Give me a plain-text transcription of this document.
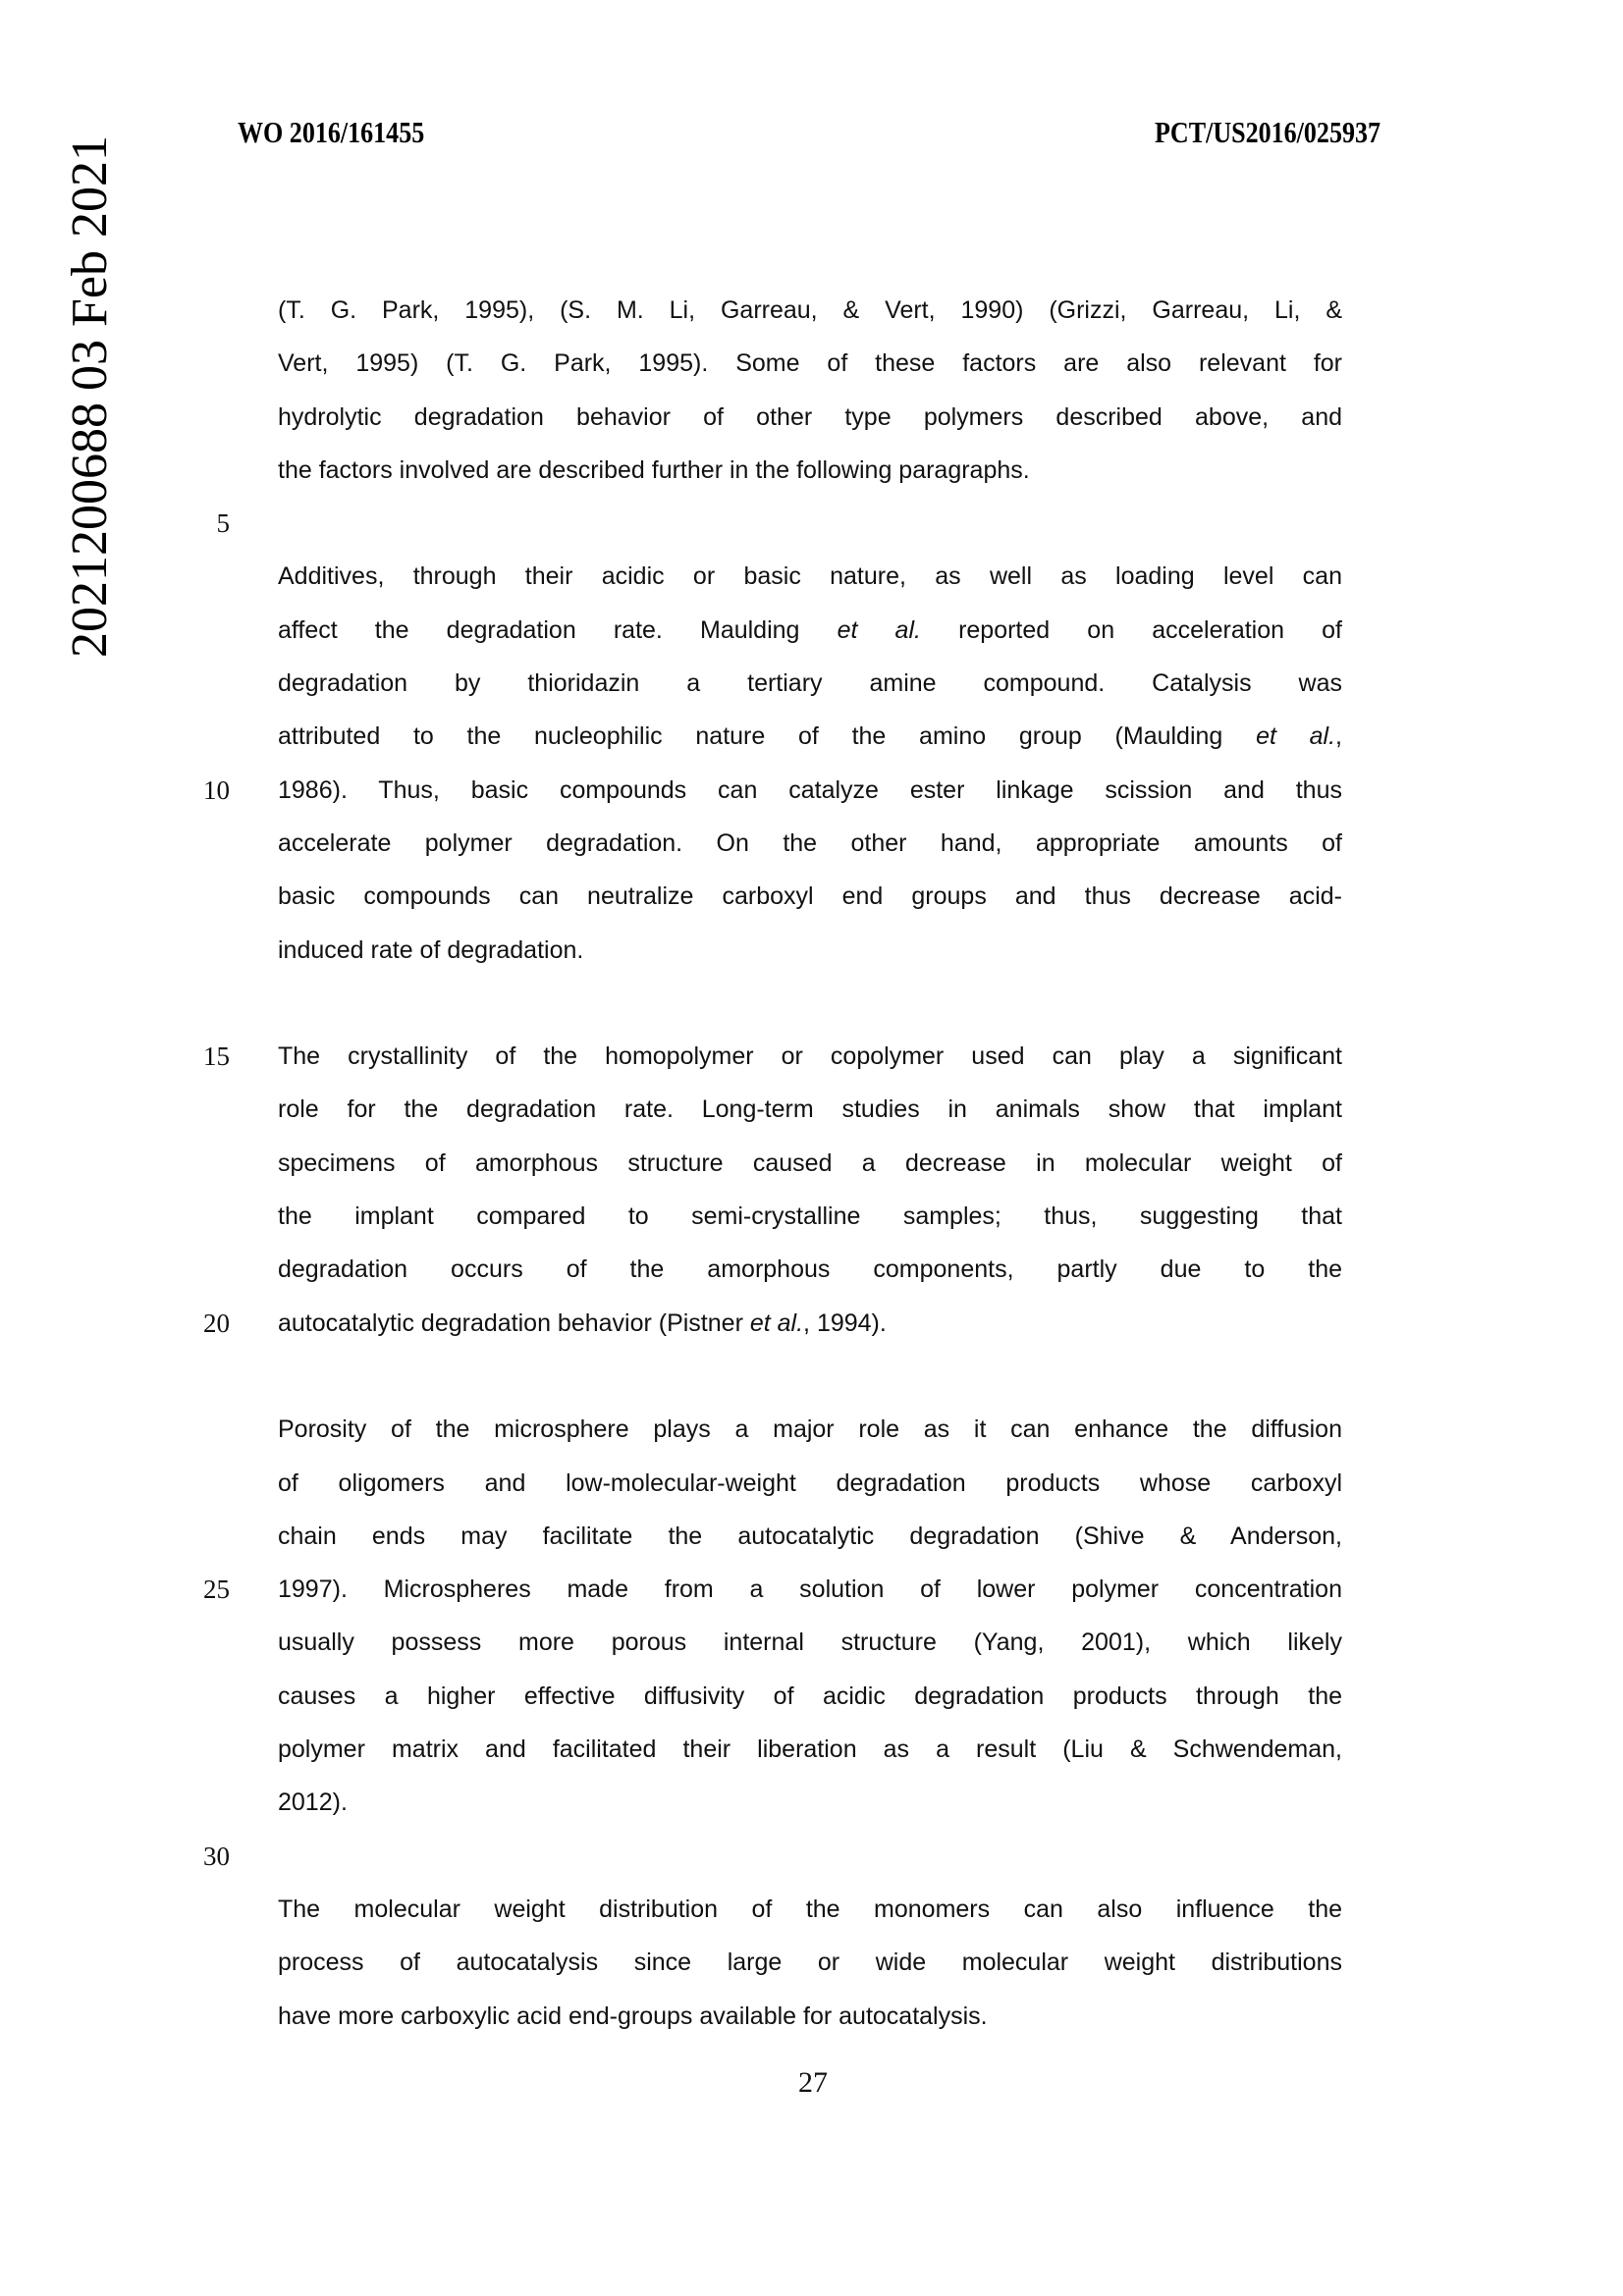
WO 2016/161455	PCT/US2016/025937
03 Feb 2021
2021200688
(T. G. Park, 1995), (S. M. Li, Garreau, & Vert, 1990) (Grizzi, Garreau, Li, &
Vert, 1995) (T. G. Park, 1995). Some of these factors are also relevant for
hydrolytic degradation behavior of other type polymers described above, and
the factors involved are described further in the following paragraphs.
5

Additives, through their acidic or basic nature, as well as loading level can
affect the degradation rate. Maulding et al. reported on acceleration of
degradation by thioridazin a tertiary amine compound. Catalysis was
attributed to the nucleophilic nature of the amino group (Maulding et al.,
10 1986). Thus, basic compounds can catalyze ester linkage scission and thus
accelerate polymer degradation. On the other hand, appropriate amounts of
basic compounds can neutralize carboxyl end groups and thus decrease acid-
induced rate of degradation.

15 The crystallinity of the homopolymer or copolymer used can play a significant
role for the degradation rate. Long-term studies in animals show that implant
specimens of amorphous structure caused a decrease in molecular weight of
the implant compared to semi-crystalline samples; thus, suggesting that
degradation occurs of the amorphous components, partly due to the
20 autocatalytic degradation behavior (Pistner et al., 1994).

Porosity of the microsphere plays a major role as it can enhance the diffusion
of oligomers and low-molecular-weight degradation products whose carboxyl
chain ends may facilitate the autocatalytic degradation (Shive & Anderson,
25 1997). Microspheres made from a solution of lower polymer concentration
usually possess more porous internal structure (Yang, 2001), which likely
causes a higher effective diffusivity of acidic degradation products through the
polymer matrix and facilitated their liberation as a result (Liu & Schwendeman,
2012).
30

The molecular weight distribution of the monomers can also influence the
process of autocatalysis since large or wide molecular weight distributions
have more carboxylic acid end-groups available for autocatalysis.
27
